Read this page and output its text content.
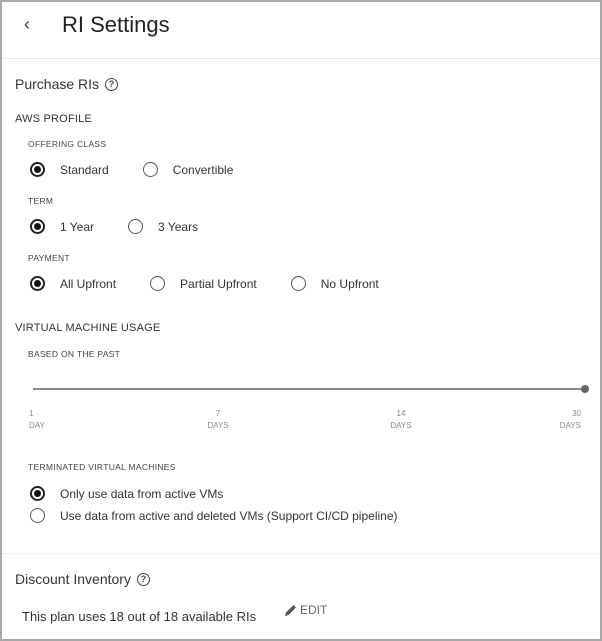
‹ RI Settings
Purchase RIs	?
AWS PROFILE
OFFERING CLASS
Standard	Convertible
TERM
1 Year	3 Years
PAYMENT
All Upfront	Partial Upfront	No Upfront
VIRTUAL MACHINE USAGE
BASED ON THE PAST
1
DAY
7
DAYS
14
DAYS
30
DAYS
TERMINATED VIRTUAL MACHINES
Only use data from active VMs
Use data from active and deleted VMs (Support CI/CD pipeline)
Discount Inventory	?
This plan uses 18 out of 18 available RIs	EDIT
